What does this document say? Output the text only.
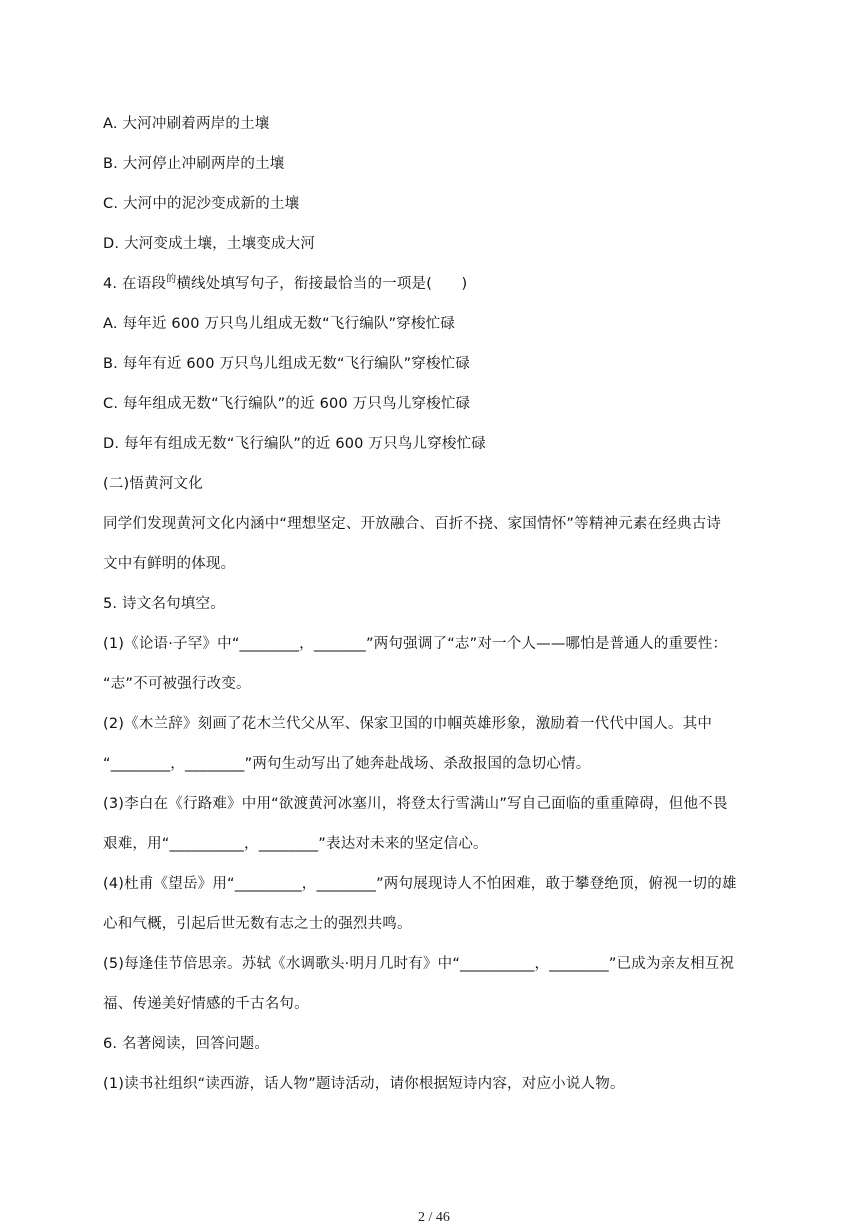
A. 大河冲刷着两岸的土壤
B. 大河停止冲刷两岸的土壤
C. 大河中的泥沙变成新的土壤
D. 大河变成土壤，土壤变成大河
4. 在语段$^的$横线处填写句子，衔接最恰当的一项是(　　)
A. 每年近 600 万只鸟儿组成无数“飞行编队”穿梭忙碌
B. 每年有近 600 万只鸟儿组成无数“飞行编队”穿梭忙碌
C. 每年组成无数“飞行编队”的近 600 万只鸟儿穿梭忙碌
D. 每年有组成无数“飞行编队”的近 600 万只鸟儿穿梭忙碌
(二)悟黄河文化
同学们发现黄河文化内涵中“理想坚定、开放融合、百折不挠、家国情怀”等精神元素在经典古诗
文中有鲜明的体现。
5. 诗文名句填空。
(1)《论语·子罕》中“________，_______”两句强调了“志”对一个人——哪怕是普通人的重要性：
“志”不可被强行改变。
(2)《木兰辞》刻画了花木兰代父从军、保家卫国的巾帼英雄形象，激励着一代代中国人。其中
“________，________”两句生动写出了她奔赴战场、杀敌报国的急切心情。
(3)李白在《行路难》中用“欲渡黄河冰塞川，将登太行雪满山”写自己面临的重重障碍，但他不畏
艰难，用“__________，________”表达对未来的坚定信心。
(4)杜甫《望岳》用“_________，________”两句展现诗人不怕困难，敢于攀登绝顶，俯视一切的雄
心和气概，引起后世无数有志之士的强烈共鸣。
(5)每逢佳节倍思亲。苏轼《水调歌头·明月几时有》中“__________，________”已成为亲友相互祝
福、传递美好情感的千古名句。
6. 名著阅读，回答问题。
(1)读书社组织“读西游，话人物”题诗活动，请你根据短诗内容，对应小说人物。
2 / 46
